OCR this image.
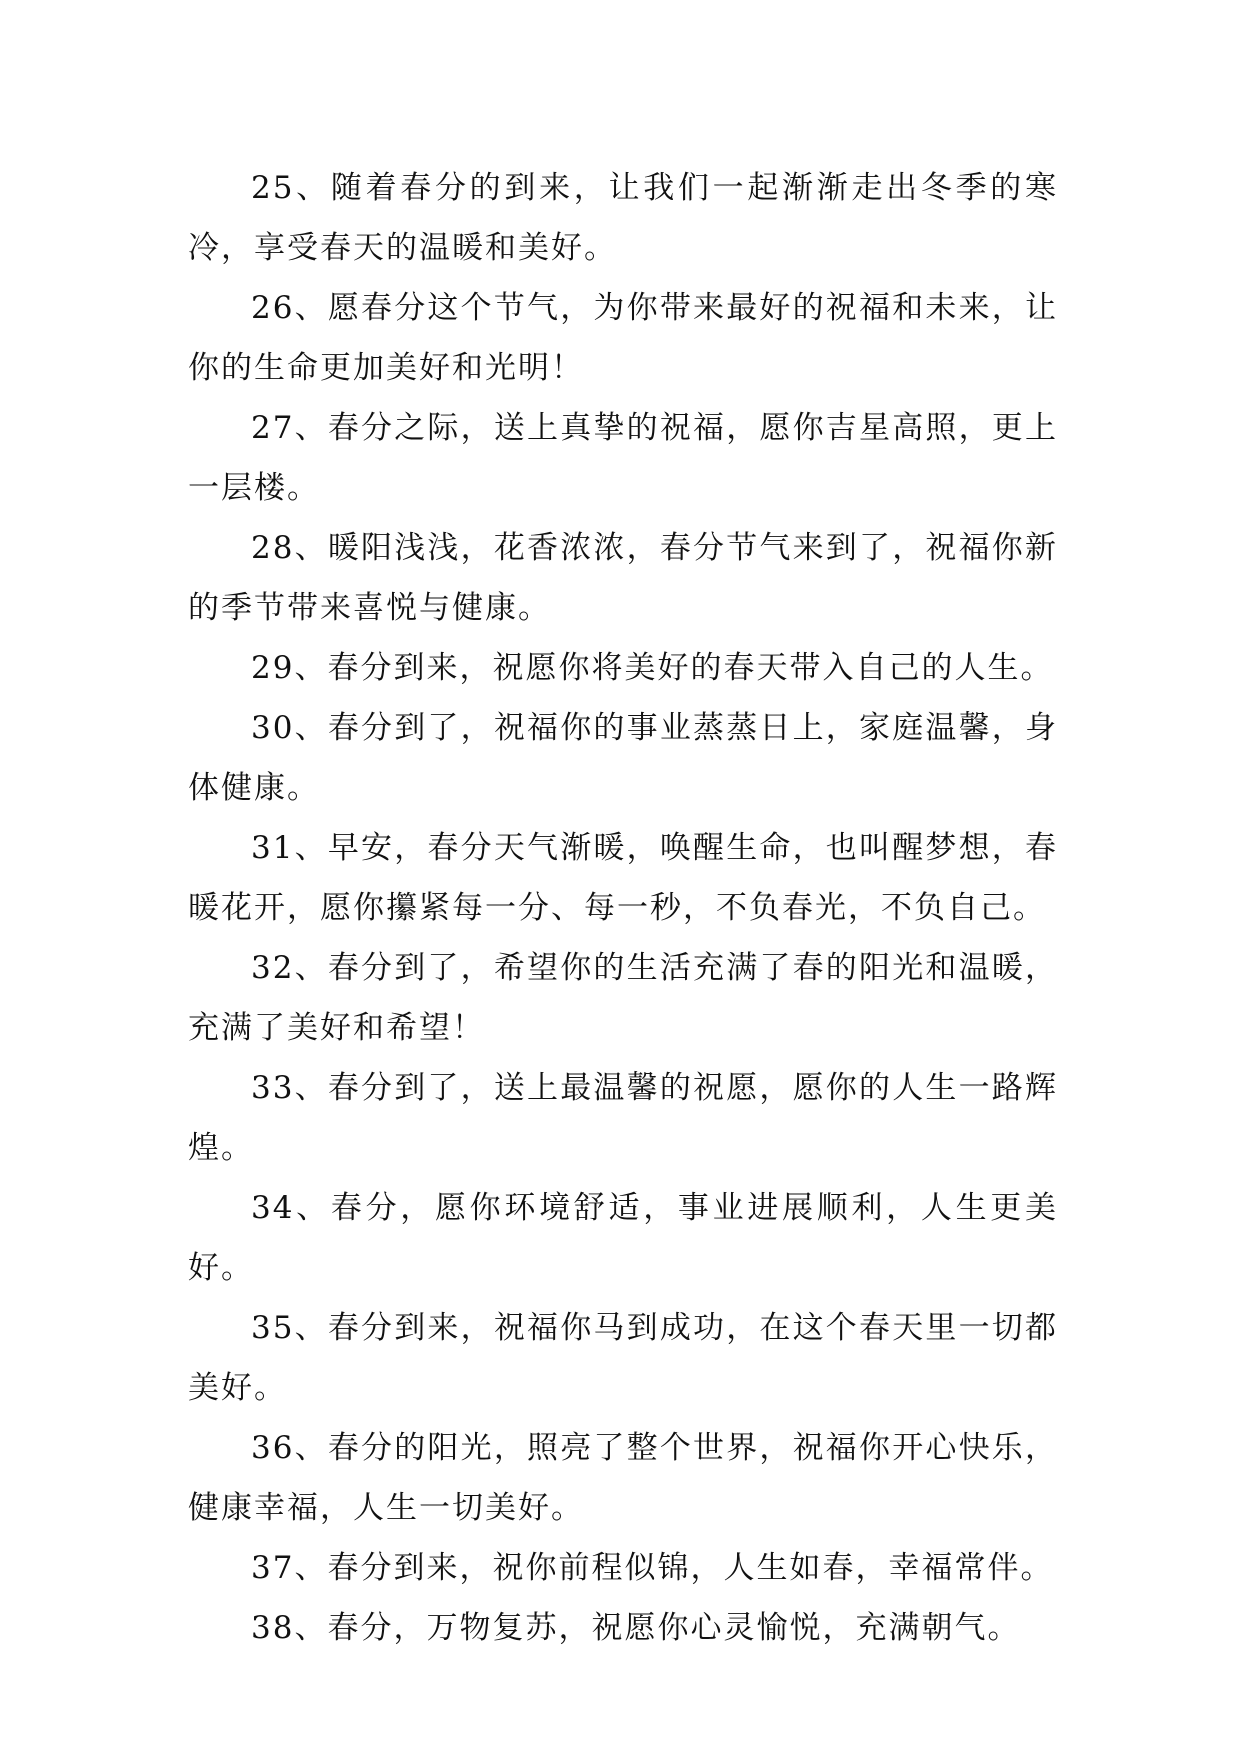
25、随着春分的到来，让我们一起渐渐走出冬季的寒冷，享受春天的温暖和美好。

26、愿春分这个节气，为你带来最好的祝福和未来，让你的生命更加美好和光明！

27、春分之际，送上真挚的祝福，愿你吉星高照，更上一层楼。

28、暖阳浅浅，花香浓浓，春分节气来到了，祝福你新的季节带来喜悦与健康。

29、春分到来，祝愿你将美好的春天带入自己的人生。

30、春分到了，祝福你的事业蒸蒸日上，家庭温馨，身体健康。

31、早安，春分天气渐暖，唤醒生命，也叫醒梦想，春暖花开，愿你攥紧每一分、每一秒，不负春光，不负自己。

32、春分到了，希望你的生活充满了春的阳光和温暖，充满了美好和希望！

33、春分到了，送上最温馨的祝愿，愿你的人生一路辉煌。

34、春分，愿你环境舒适，事业进展顺利，人生更美好。

35、春分到来，祝福你马到成功，在这个春天里一切都美好。

36、春分的阳光，照亮了整个世界，祝福你开心快乐，健康幸福，人生一切美好。

37、春分到来，祝你前程似锦，人生如春，幸福常伴。

38、春分，万物复苏，祝愿你心灵愉悦，充满朝气。
